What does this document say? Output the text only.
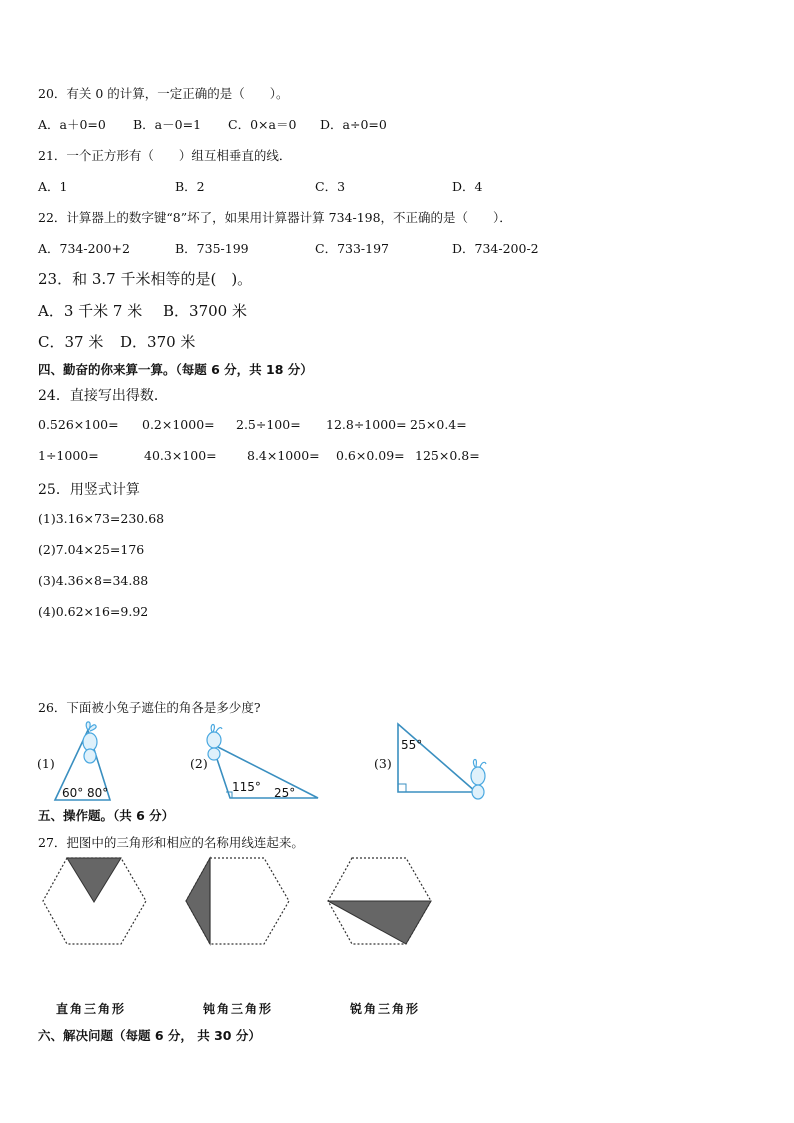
20．有关 0 的计算，一定正确的是（　　）。
A．a＋0=0 B．a－0=1 C．0×a＝0 D．a÷0=0
21．一个正方形有（　　）组互相垂直的线．
A．1	B．2	C．3	D．4
22．计算器上的数字键“8”坏了，如果用计算器计算 734-198，不正确的是（　　）．
A．734-200+2	B．735-199	C．733-197	D．734-200-2
23．和 3.7 千米相等的是(　)。
A．3 千米 7 米 B．3700 米
C．37 米 D．370 米
四、勤奋的你来算一算。（每题 6 分，共 18 分）
24．直接写出得数．
0.526×100= 0.2×1000= 2.5÷100= 12.8÷1000= 25×0.4=
1÷1000=	40.3×100= 8.4×1000= 0.6×0.09= 125×0.8=
25．用竖式计算
(1)3.16×73=230.68
(2)7.04×25=176
(3)4.36×8=34.88
(4)0.62×16=9.92
26．下面被小兔子遮住的角各是多少度?
(1)
60° 80°
(2)
115° 25°
(3)
55°
五、操作题。（共 6 分）
27．把图中的三角形和相应的名称用线连起来。
直角三角形	钝角三角形	锐角三角形
六、解决问题（每题 6 分， 共 30 分）
